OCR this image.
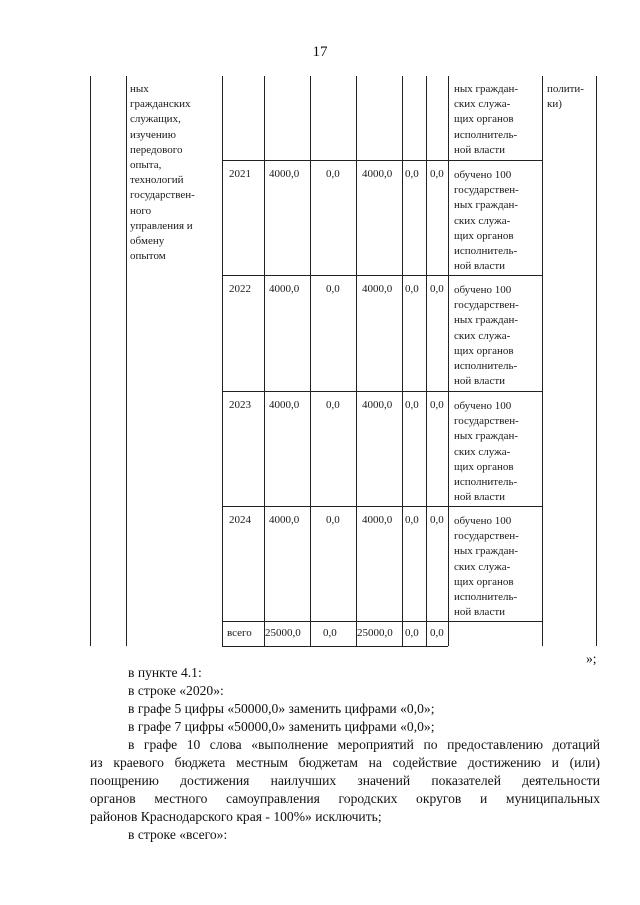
17
ных
гражданских
служащих,
изучению
передового
опыта,
технологий
государствен-
ного
управления и
обмену
опытом
ных граждан-
ских служа-
щих органов
исполнитель-
ной власти
полити-
ки)
2021 4000,0 0,0 4000,0 0,0 0,0 обучено 100
государствен-
ных граждан-
ских служа-
щих органов
исполнитель-
ной власти
2022 4000,0 0,0 4000,0 0,0 0,0 обучено 100
государствен-
ных граждан-
ских служа-
щих органов
исполнитель-
ной власти
2023 4000,0 0,0 4000,0 0,0 0,0 обучено 100
государствен-
ных граждан-
ских служа-
щих органов
исполнитель-
ной власти
2024 4000,0 0,0 4000,0 0,0 0,0 обучено 100
государствен-
ных граждан-
ских служа-
щих органов
исполнитель-
ной власти
всего 25000,0 0,0 25000,0 0,0 0,0
»;
в пункте 4.1:
в строке «2020»:
в графе 5 цифры «50000,0» заменить цифрами «0,0»;
в графе 7 цифры «50000,0» заменить цифрами «0,0»;
в графе 10 слова «выполнение мероприятий по предоставлению дотаций
из краевого бюджета местным бюджетам на содействие достижению и (или)
поощрению достижения наилучших значений показателей деятельности
органов местного самоуправления городских округов и муниципальных
районов Краснодарского края - 100%» исключить;
в строке «всего»:
